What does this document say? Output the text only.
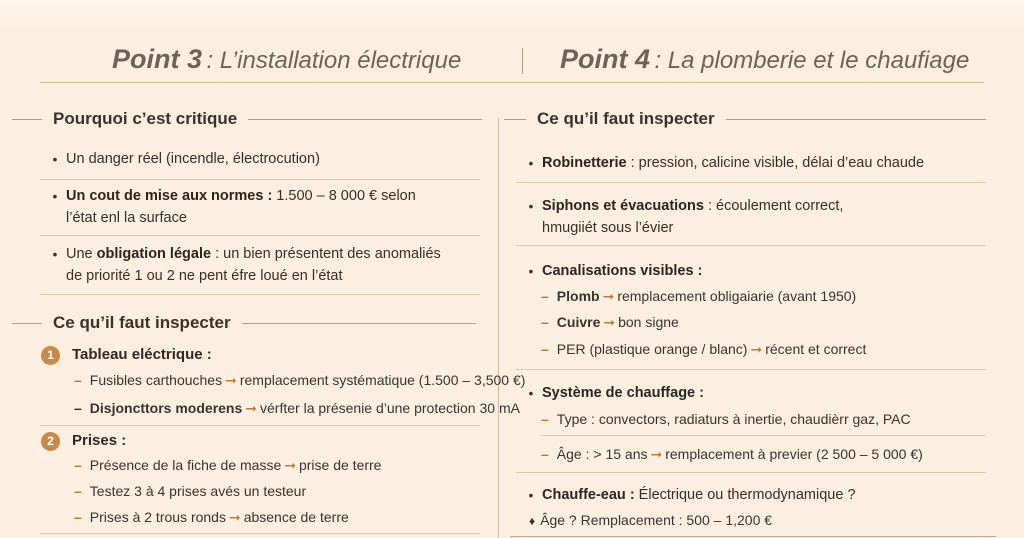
Point 3 : L’installation électrique	Point 4 : La plomberie et le chaufiage
Pourquoi c’est critique
• Un danger réel (incendle, électrocution)
• Un cout de mise aux normes : 1.500 – 8 000 € selon
l’état enl la surface
• Une obligation légale : un bien présentent des anomaliés
de priorité 1 ou 2 ne pent éfre loué en l’état
Ce qu’il faut inspecter
1	Tableau eléctrique :
– Fusibles carthouches ➞ remplacement systématique (1.500 – 3,500 €)
– Disjoncttors moderens ➞ vérfter la présenie d’une protection 30 mA
2	Prises :
– Présence de la fiche de masse ➞ prise de terre
– Testez 3 à 4 prises avés un testeur
– Prises à 2 trous ronds ➞ absence de terre
Ce qu’il faut inspecter
• Robinetterie : pression, calicine visible, délai d’eau chaude
• Siphons et évacuations : écoulement correct,
hmugiiét sous l’évier
• Canalisations visibles :
– Plomb ➞ remplacement obligaiarie (avant 1950)
– Cuivre ➞ bon signe
– PER (plastique orange / blanc) ➞ récent et correct
• Système de chauffage :
– Type : convectors, radiaturs à inertie, chaudièrr gaz, PAC
– Âge : > 15 ans ➞ remplacement à previer (2 500 – 5 000 €)
• Chauffe-eau : Électrique ou thermodynamique ?
♦ Âge ? Remplacement : 500 – 1,200 €
